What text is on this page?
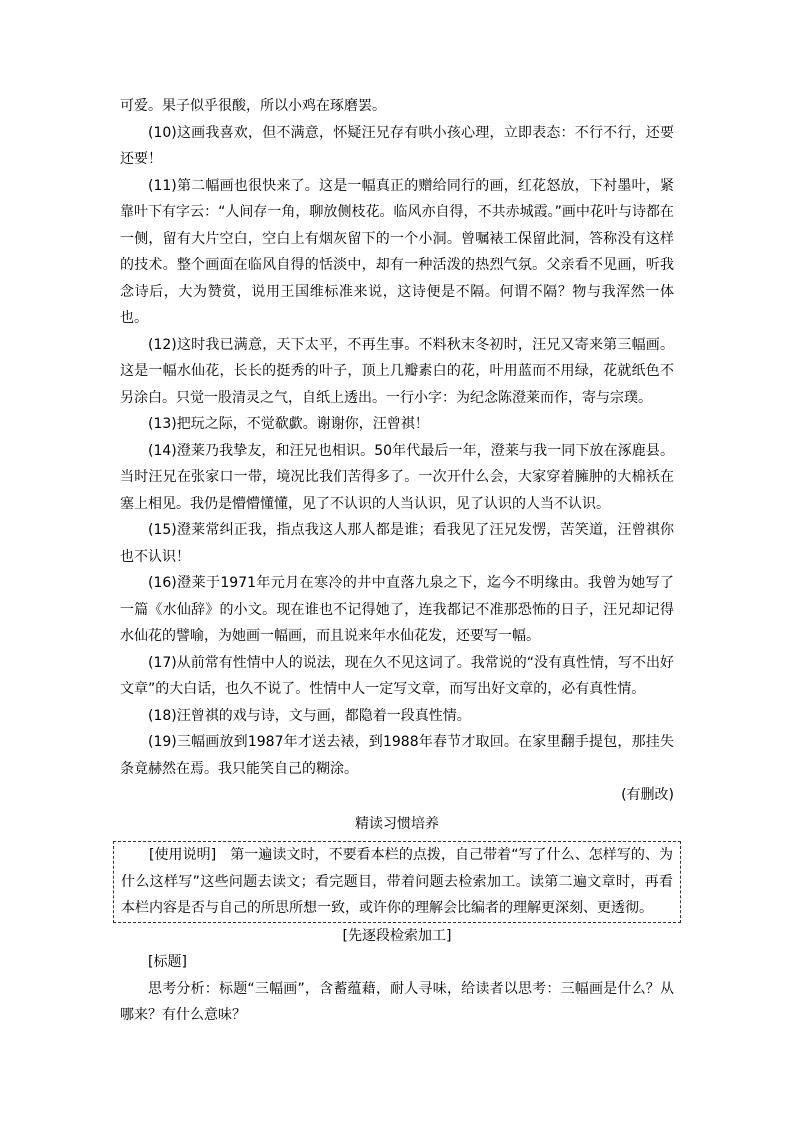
可爱。果子似乎很酸，所以小鸡在琢磨罢。

(10)这画我喜欢，但不满意，怀疑汪兄存有哄小孩心理，立即表态：不行不行，还要还要！

(11)第二幅画也很快来了。这是一幅真正的赠给同行的画，红花怒放，下衬墨叶，紧靠叶下有字云：“人间存一角，聊放侧枝花。临风亦自得，不共赤城霞。”画中花叶与诗都在一侧，留有大片空白，空白上有烟灰留下的一个小洞。曾嘱裱工保留此洞，答称没有这样的技术。整个画面在临风自得的恬淡中，却有一种活泼的热烈气氛。父亲看不见画，听我念诗后，大为赞赏，说用王国维标准来说，这诗便是不隔。何谓不隔？物与我浑然一体也。

(12)这时我已满意，天下太平，不再生事。不料秋末冬初时，汪兄又寄来第三幅画。这是一幅水仙花，长长的挺秀的叶子，顶上几瓣素白的花，叶用蓝而不用绿，花就纸色不另涂白。只觉一股清灵之气，自纸上透出。一行小字：为纪念陈澄莱而作，寄与宗璞。

(13)把玩之际，不觉欷歔。谢谢你，汪曾祺！

(14)澄莱乃我挚友，和汪兄也相识。50年代最后一年，澄莱与我一同下放在涿鹿县。当时汪兄在张家口一带，境况比我们苦得多了。一次开什么会，大家穿着臃肿的大棉袄在塞上相见。我仍是懵懵懂懂，见了不认识的人当认识，见了认识的人当不认识。

(15)澄莱常纠正我，指点我这人那人都是谁；看我见了汪兄发愣，苦笑道，汪曾祺你也不认识！

(16)澄莱于1971年元月在寒冷的井中直落九泉之下，迄今不明缘由。我曾为她写了一篇《水仙辞》的小文。现在谁也不记得她了，连我都记不准那恐怖的日子，汪兄却记得水仙花的譬喻，为她画一幅画，而且说来年水仙花发，还要写一幅。

(17)从前常有性情中人的说法，现在久不见这词了。我常说的“没有真性情，写不出好文章”的大白话，也久不说了。性情中人一定写文章，而写出好文章的，必有真性情。

(18)汪曾祺的戏与诗，文与画，都隐着一段真性情。

(19)三幅画放到1987年才送去裱，到1988年春节才取回。在家里翻手提包，那挂失条竟赫然在焉。我只能笑自己的糊涂。

(有删改)

精读习惯培养

[使用说明]　第一遍读文时，不要看本栏的点拨，自己带着“写了什么、怎样写的、为什么这样写”这些问题去读文；看完题目，带着问题去检索加工。读第二遍文章时，再看本栏内容是否与自己的所思所想一致，或许你的理解会比编者的理解更深刻、更透彻。

[先逐段检索加工]

[标题]

思考分析：标题“三幅画”，含蓄蕴藉，耐人寻味，给读者以思考：三幅画是什么？从哪来？有什么意味？
